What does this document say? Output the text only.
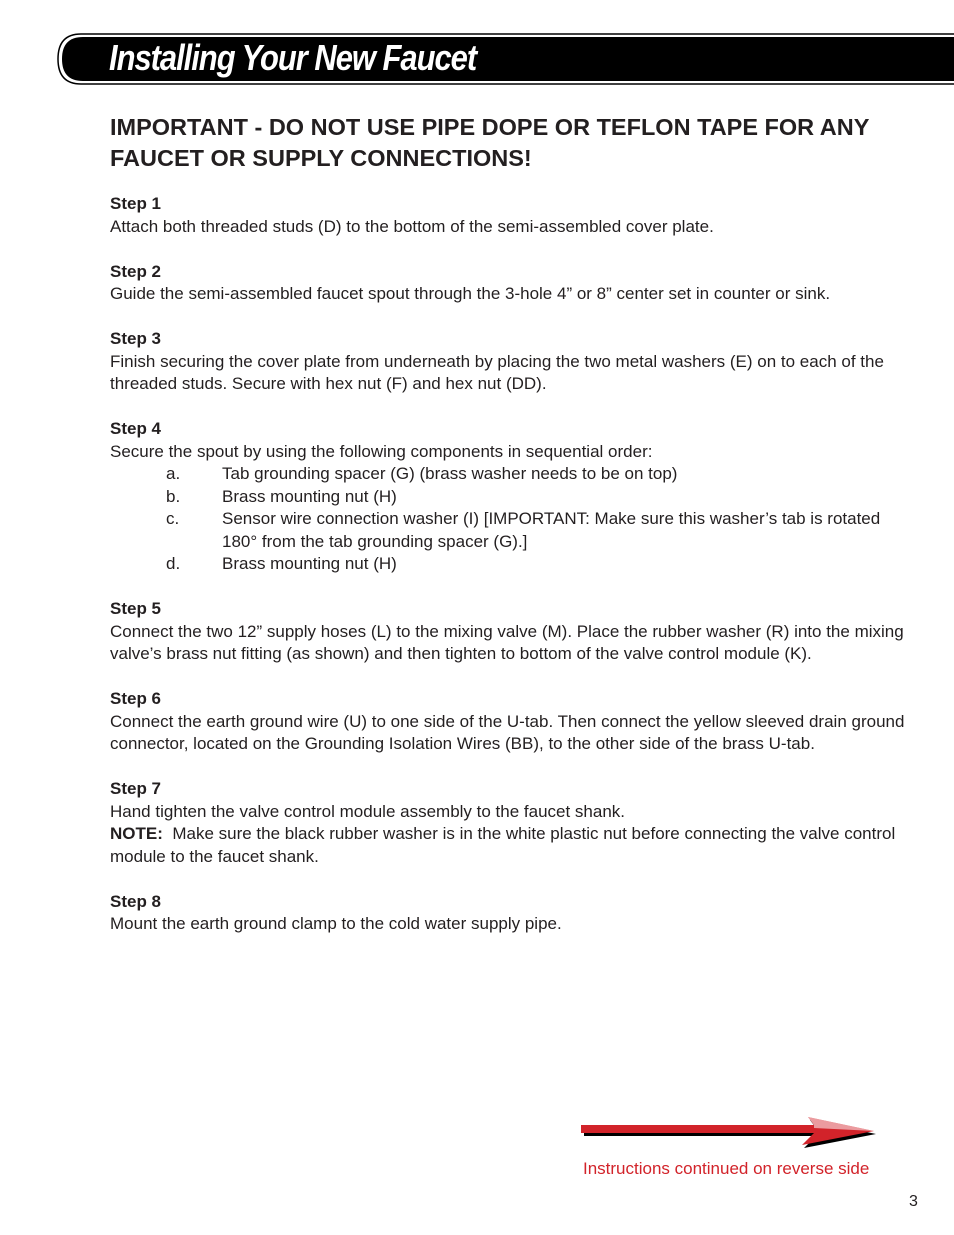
Installing Your New Faucet

IMPORTANT - DO NOT USE PIPE DOPE OR TEFLON TAPE FOR ANY FAUCET OR SUPPLY CONNECTIONS!

Step 1
Attach both threaded studs (D) to the bottom of the semi-assembled cover plate.
Step 2
Guide the semi-assembled faucet spout through the 3-hole 4” or 8” center set in counter or sink.
Step 3
Finish securing the cover plate from underneath by placing the two metal washers (E) on to each of the threaded studs. Secure with hex nut (F) and hex nut (DD).
Step 4
Secure the spout by using the following components in sequential order:
a.	Tab grounding spacer (G) (brass washer needs to be on top)
b.	Brass mounting nut (H)
c.	Sensor wire connection washer (I) [IMPORTANT: Make sure this washer’s tab is rotated 180° from the tab grounding spacer (G).]
d.	Brass mounting nut (H)
Step 5
Connect the two 12” supply hoses (L) to the mixing valve (M). Place the rubber washer (R) into the mixing valve’s brass nut fitting (as shown) and then tighten to bottom of the valve control module (K).
Step 6
Connect the earth ground wire (U) to one side of the U-tab. Then connect the yellow sleeved drain ground connector, located on the Grounding Isolation Wires (BB), to the other side of the brass U-tab.
Step 7
Hand tighten the valve control module assembly to the faucet shank.
NOTE:  Make sure the black rubber washer is in the white plastic nut before connecting the valve control module to the faucet shank.
Step 8
Mount the earth ground clamp to the cold water supply pipe.
Instructions continued on reverse side
3
